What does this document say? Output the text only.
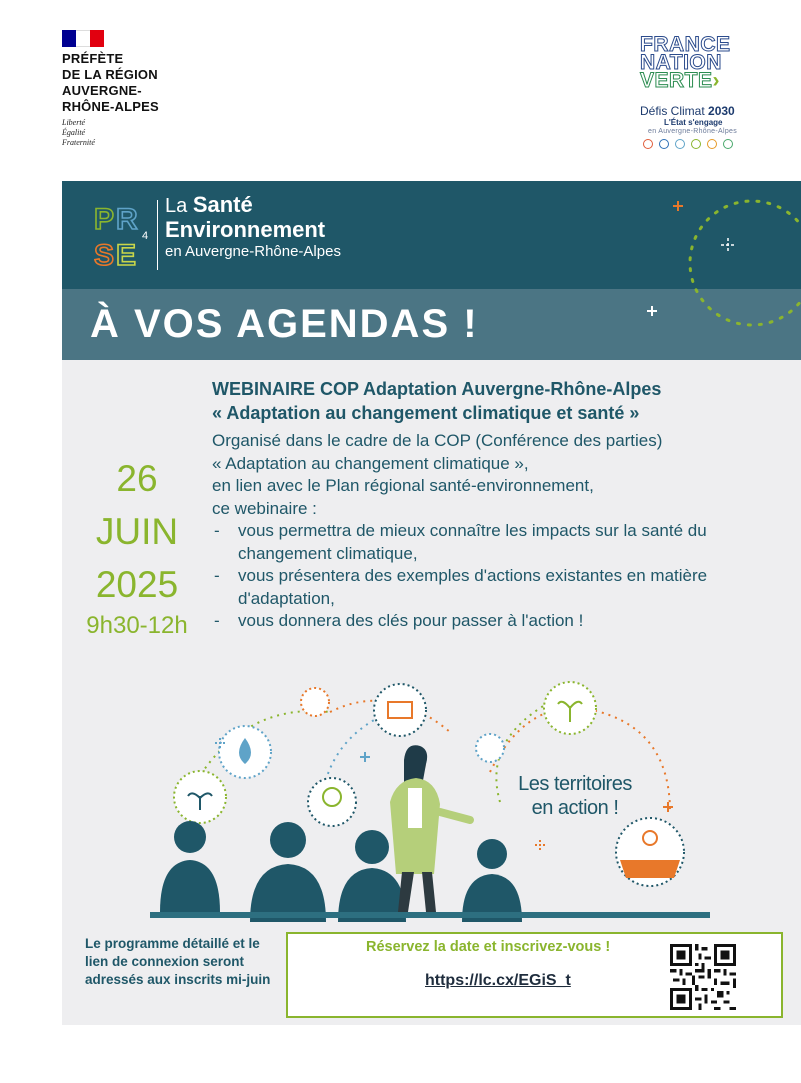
PRÉFÈTE
DE LA RÉGION
AUVERGNE-
RHÔNE-ALPES
Liberté
Égalité
Fraternité
FRANCE
NATION
VERTE›
Défis Climat 2030
L'État s'engage
en Auvergne-Rhône-Alpes
P R
S E
4
La Santé
Environnement
en Auvergne-Rhône-Alpes
À VOS AGENDAS !
26
JUIN
2025
9h30-12h
WEBINAIRE COP Adaptation Auvergne-Rhône-Alpes
« Adaptation au changement climatique et santé »
Organisé dans le cadre de la COP (Conférence des parties)
« Adaptation au changement climatique »,
en lien avec le Plan régional santé-environnement,
ce webinaire :
- vous permettra de mieux connaître les impacts sur la santé du changement climatique,
- vous présentera des exemples d'actions existantes en matière d'adaptation,
- vous donnera des clés pour passer à l'action !
Les territoires
en action !
Le programme détaillé et le lien de connexion seront adressés aux inscrits mi-juin
Réservez la date et inscrivez-vous !
https://lc.cx/EGiS_t
